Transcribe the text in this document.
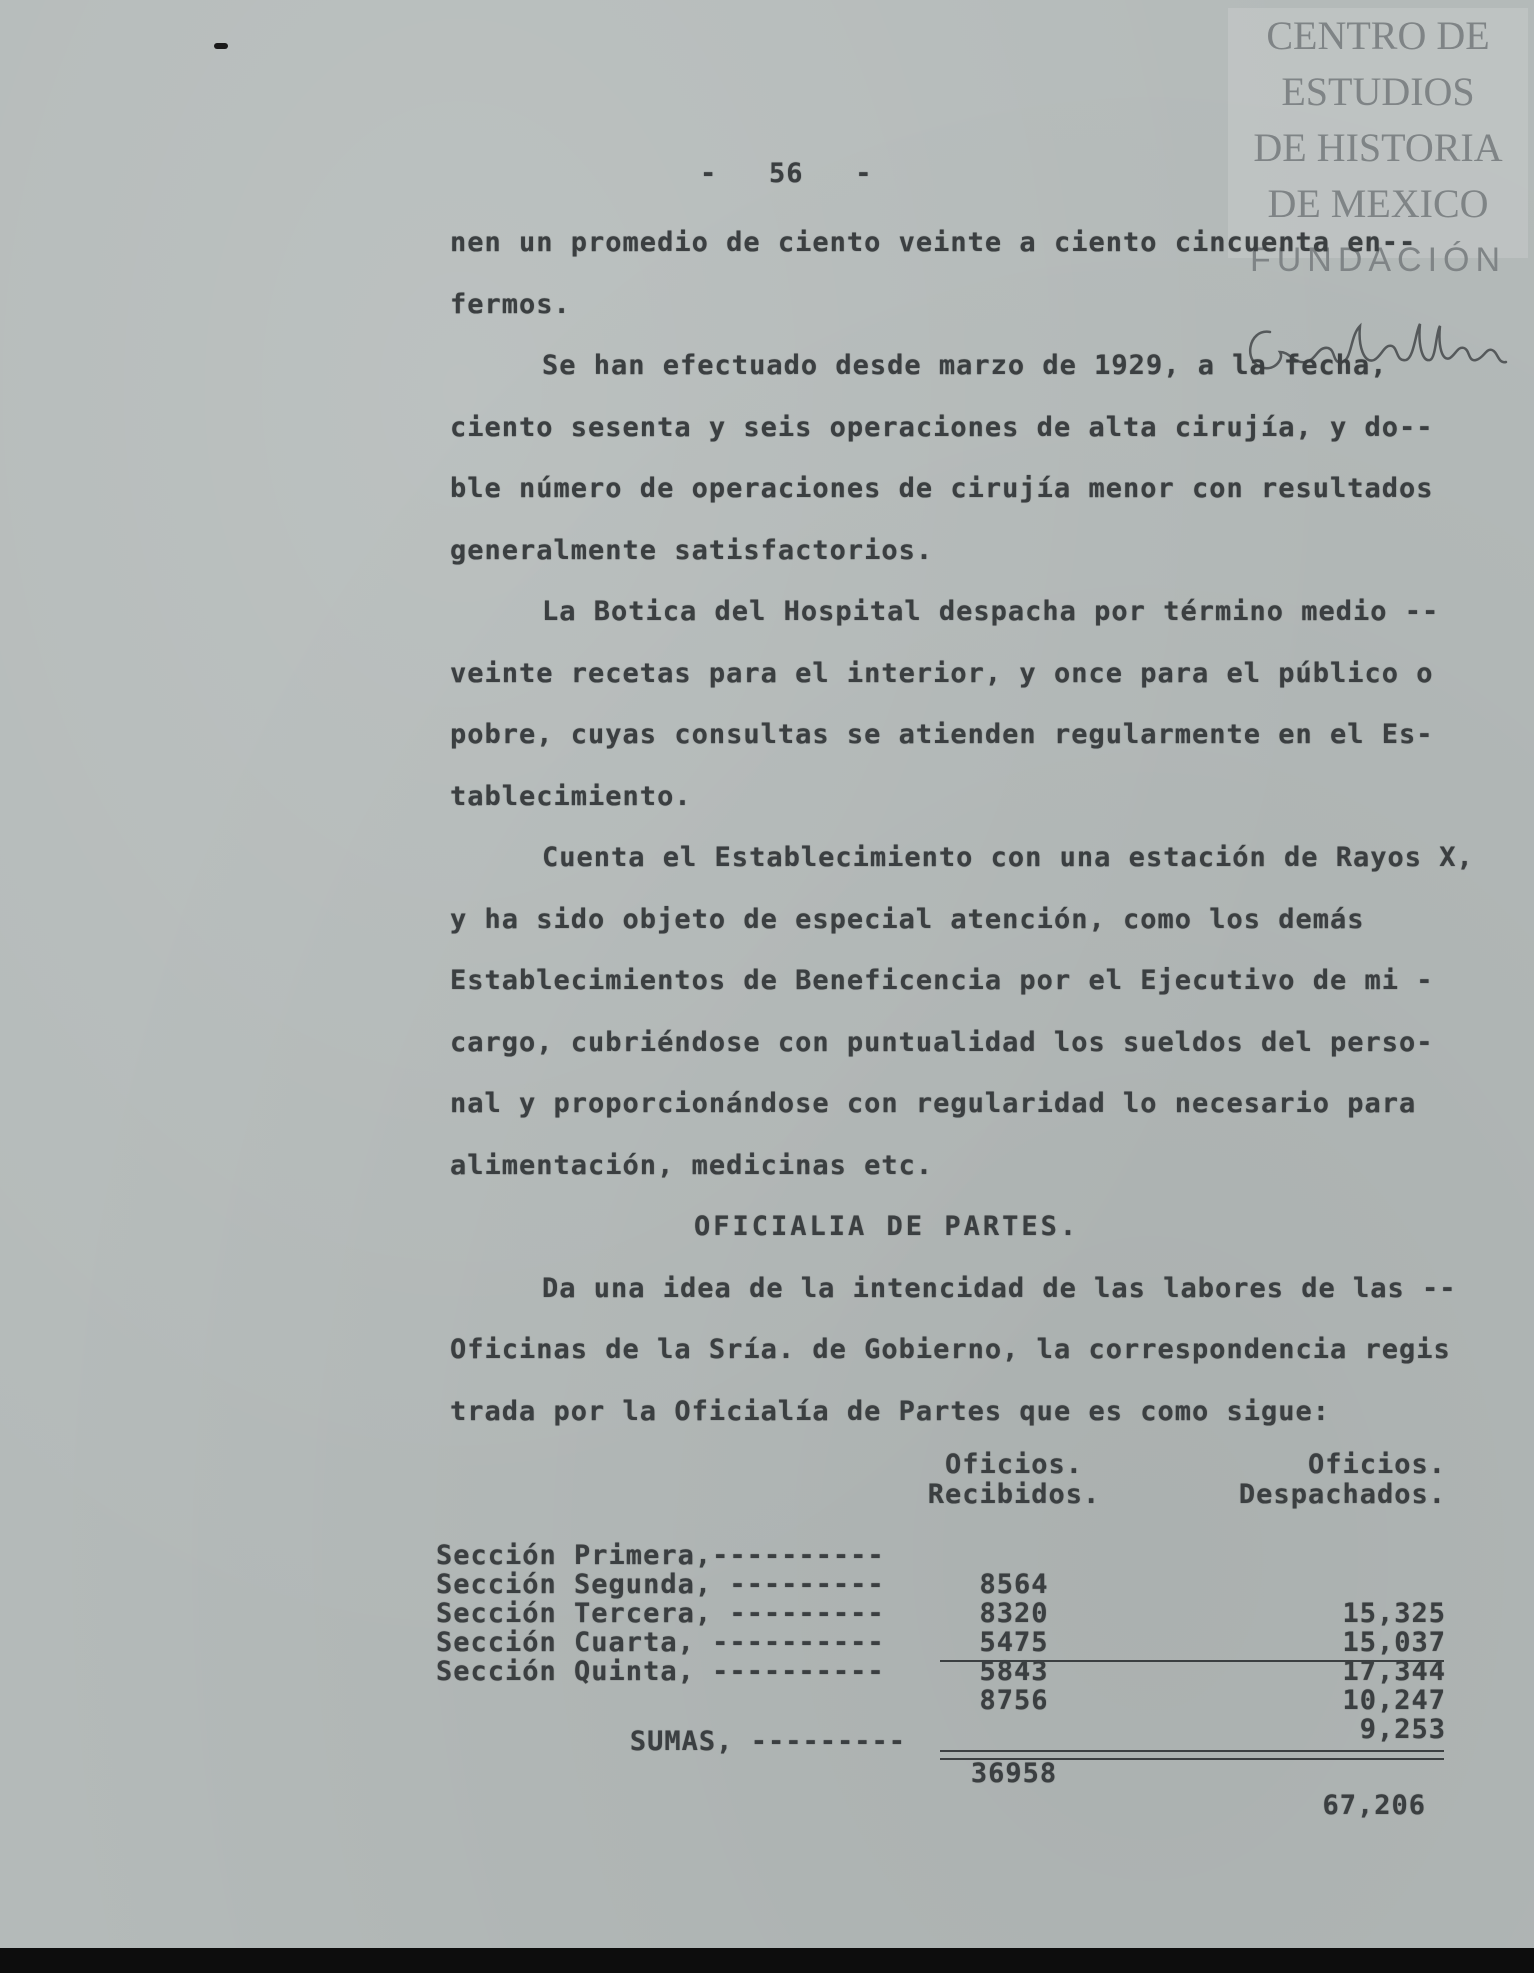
CENTRO DE
ESTUDIOS
DE HISTORIA
DE MEXICO
FUNDACIÓN
-   56   -

nen un promedio de ciento veinte a ciento cincuenta en-- fermos.

Se han efectuado desde marzo de 1929, a la fecha, ciento sesenta y seis operaciones de alta cirujía, y do-- ble número de operaciones de cirujía menor con resultados generalmente satisfactorios.

La Botica del Hospital despacha por término medio -- veinte recetas para el interior, y once para el público o pobre, cuyas consultas se atienden regularmente en el Es- tablecimiento.

Cuenta el Establecimiento con una estación de Rayos X, y ha sido objeto de especial atención, como los demás Establecimientos de Beneficencia por el Ejecutivo de mi - cargo, cubriéndose con puntualidad los sueldos del perso- nal y proporcionándose con regularidad lo necesario para alimentación, medicinas etc.

OFICIALIA DE PARTES.

Da una idea de la intencidad de las labores de las -- Oficinas de la Sría. de Gobierno, la correspondencia regis trada por la Oficialía de Partes que es como sigue:

Oficios. Recibidos.
Oficios. Despachados.

Sección Primera,----------

8564

15,325

Sección Segunda, ---------

8320

15,037

Sección Tercera, ---------

5475

17,344

Sección Cuarta, ----------

5843

10,247

Sección Quinta, ----------

8756

9,253

SUMAS, ---------

36958

67,206
